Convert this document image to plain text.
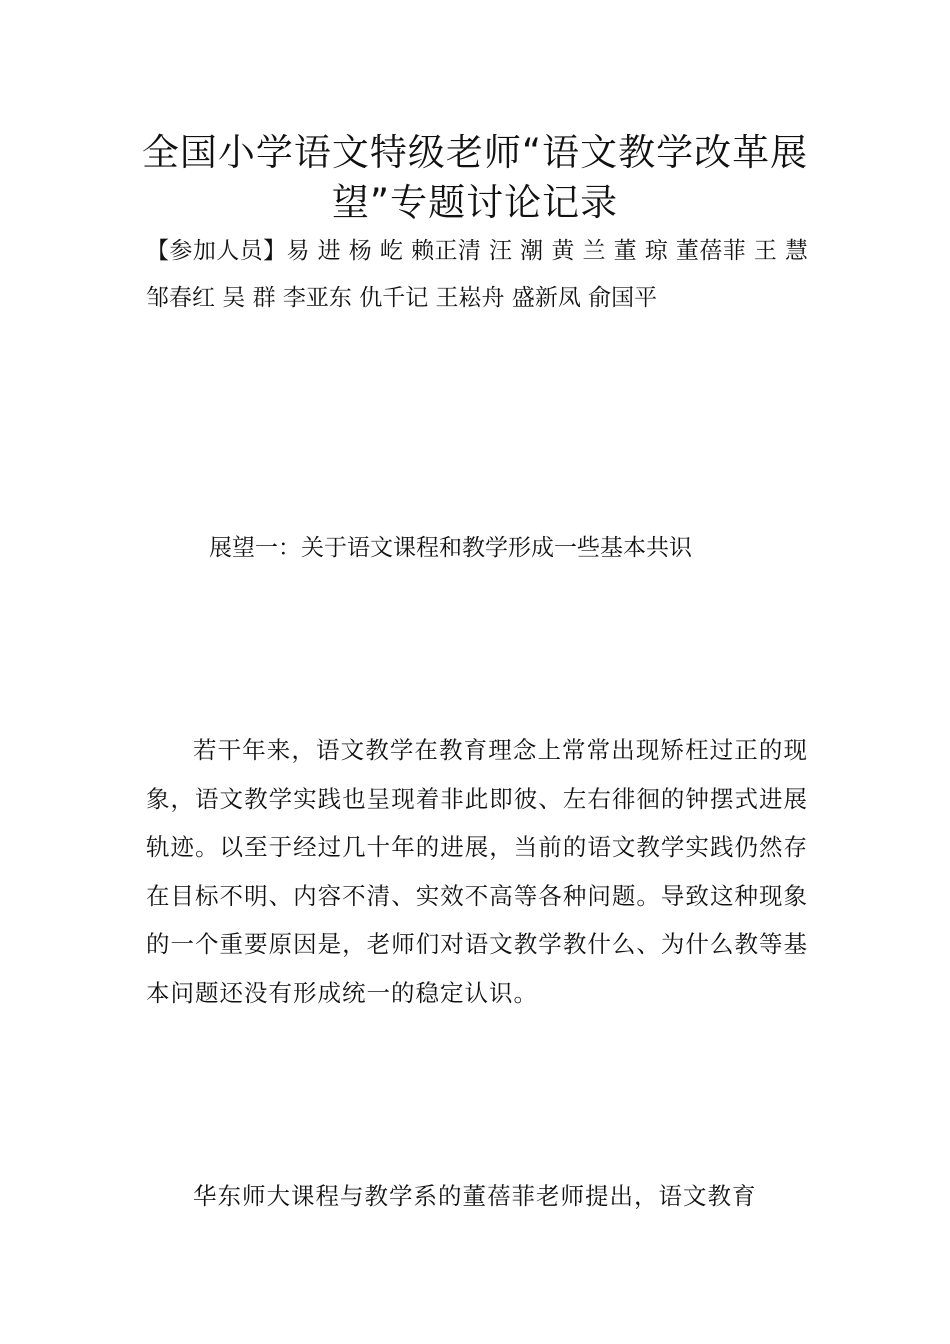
全国小学语文特级老师“语文教学改革展望”专题讨论记录

【参加人员】易 进 杨 屹 赖正清 汪 潮 黄 兰 董 琼 董蓓菲 王 慧 邹春红 吴 群 李亚东 仇千记 王崧舟 盛新凤 俞国平

展望一：关于语文课程和教学形成一些基本共识

若干年来，语文教学在教育理念上常常出现矫枉过正的现象，语文教学实践也呈现着非此即彼、左右徘徊的钟摆式进展轨迹。以至于经过几十年的进展，当前的语文教学实践仍然存在目标不明、内容不清、实效不高等各种问题。导致这种现象的一个重要原因是，老师们对语文教学教什么、为什么教等基本问题还没有形成统一的稳定认识。

华东师大课程与教学系的董蓓菲老师提出，语文教育
